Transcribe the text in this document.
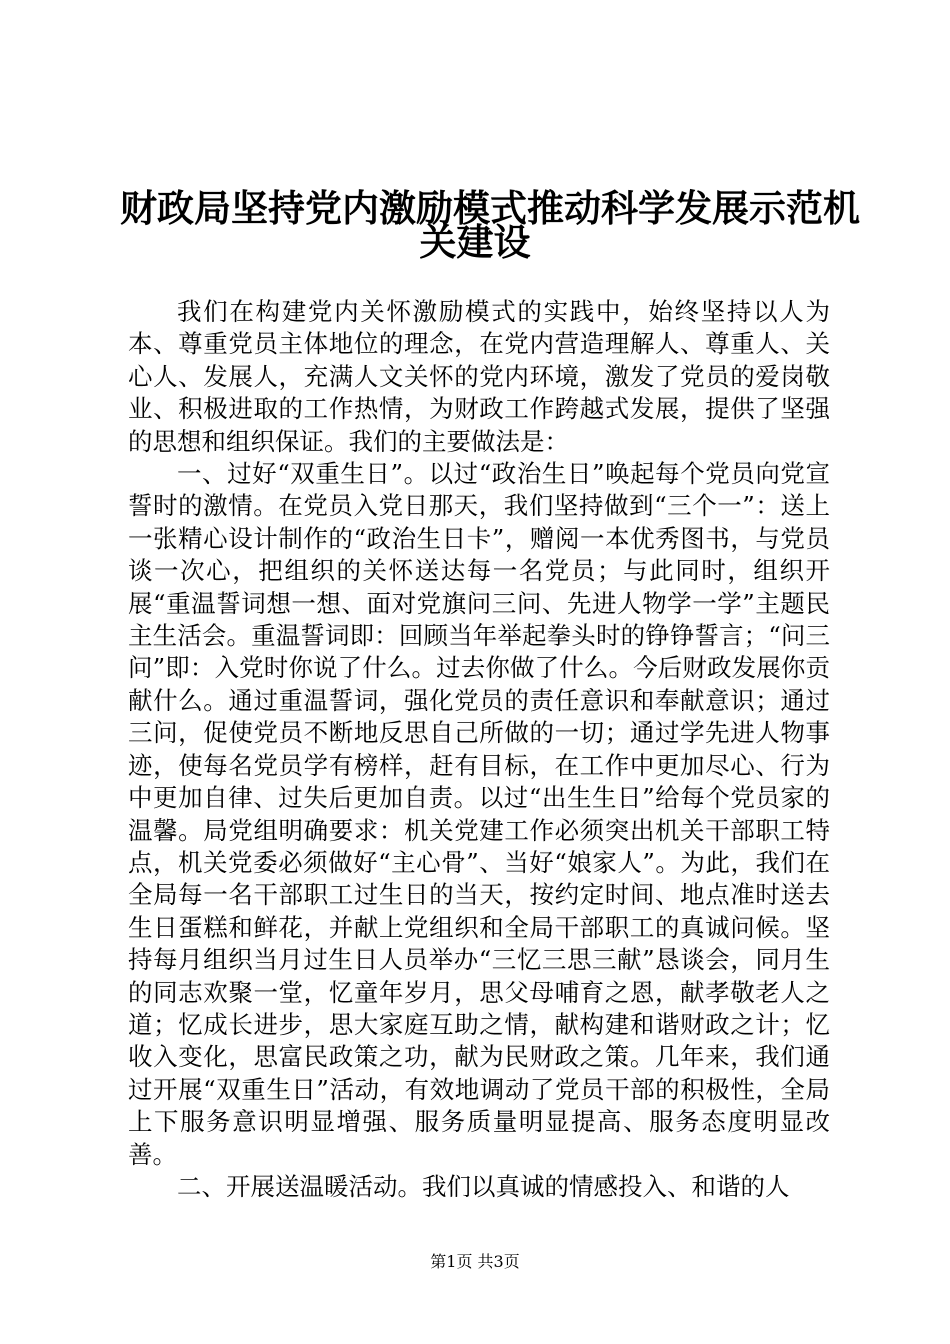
财政局坚持党内激励模式推动科学发展示范机
关建设

我们在构建党内关怀激励模式的实践中，始终坚持以人为本、尊重党员主体地位的理念，在党内营造理解人、尊重人、关心人、发展人，充满人文关怀的党内环境，激发了党员的爱岗敬业、积极进取的工作热情，为财政工作跨越式发展，提供了坚强的思想和组织保证。我们的主要做法是：

一、过好“双重生日”。以过“政治生日”唤起每个党员向党宣誓时的激情。在党员入党日那天，我们坚持做到“三个一”：送上一张精心设计制作的“政治生日卡”，赠阅一本优秀图书，与党员谈一次心，把组织的关怀送达每一名党员；与此同时，组织开展“重温誓词想一想、面对党旗问三问、先进人物学一学”主题民主生活会。重温誓词即：回顾当年举起拳头时的铮铮誓言；“问三问”即：入党时你说了什么。过去你做了什么。今后财政发展你贡献什么。通过重温誓词，强化党员的责任意识和奉献意识；通过三问，促使党员不断地反思自己所做的一切；通过学先进人物事迹，使每名党员学有榜样，赶有目标，在工作中更加尽心、行为中更加自律、过失后更加自责。以过“出生生日”给每个党员家的温馨。局党组明确要求：机关党建工作必须突出机关干部职工特点，机关党委必须做好“主心骨”、当好“娘家人”。为此，我们在全局每一名干部职工过生日的当天，按约定时间、地点准时送去生日蛋糕和鲜花，并献上党组织和全局干部职工的真诚问候。坚持每月组织当月过生日人员举办“三忆三思三献”恳谈会，同月生的同志欢聚一堂，忆童年岁月，思父母哺育之恩，献孝敬老人之道；忆成长进步，思大家庭互助之情，献构建和谐财政之计；忆收入变化，思富民政策之功，献为民财政之策。几年来，我们通过开展“双重生日”活动，有效地调动了党员干部的积极性，全局上下服务意识明显增强、服务质量明显提高、服务态度明显改善。

二、开展送温暖活动。我们以真诚的情感投入、和谐的人

第1页 共3页
